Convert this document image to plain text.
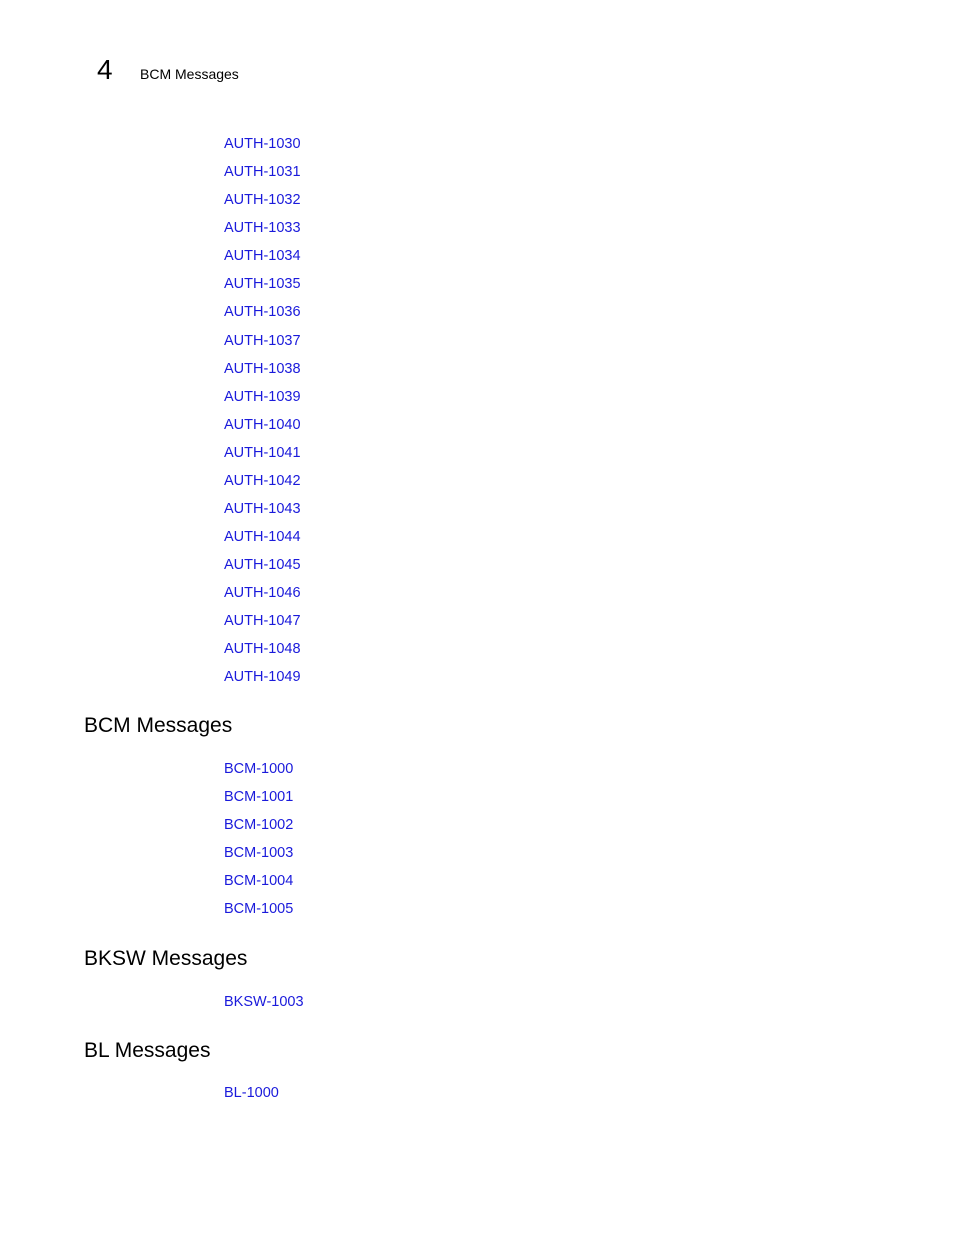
4 BCM Messages
AUTH-1030
AUTH-1031
AUTH-1032
AUTH-1033
AUTH-1034
AUTH-1035
AUTH-1036
AUTH-1037
AUTH-1038
AUTH-1039
AUTH-1040
AUTH-1041
AUTH-1042
AUTH-1043
AUTH-1044
AUTH-1045
AUTH-1046
AUTH-1047
AUTH-1048
AUTH-1049
BCM Messages
BCM-1000
BCM-1001
BCM-1002
BCM-1003
BCM-1004
BCM-1005
BKSW Messages
BKSW-1003
BL Messages
BL-1000
